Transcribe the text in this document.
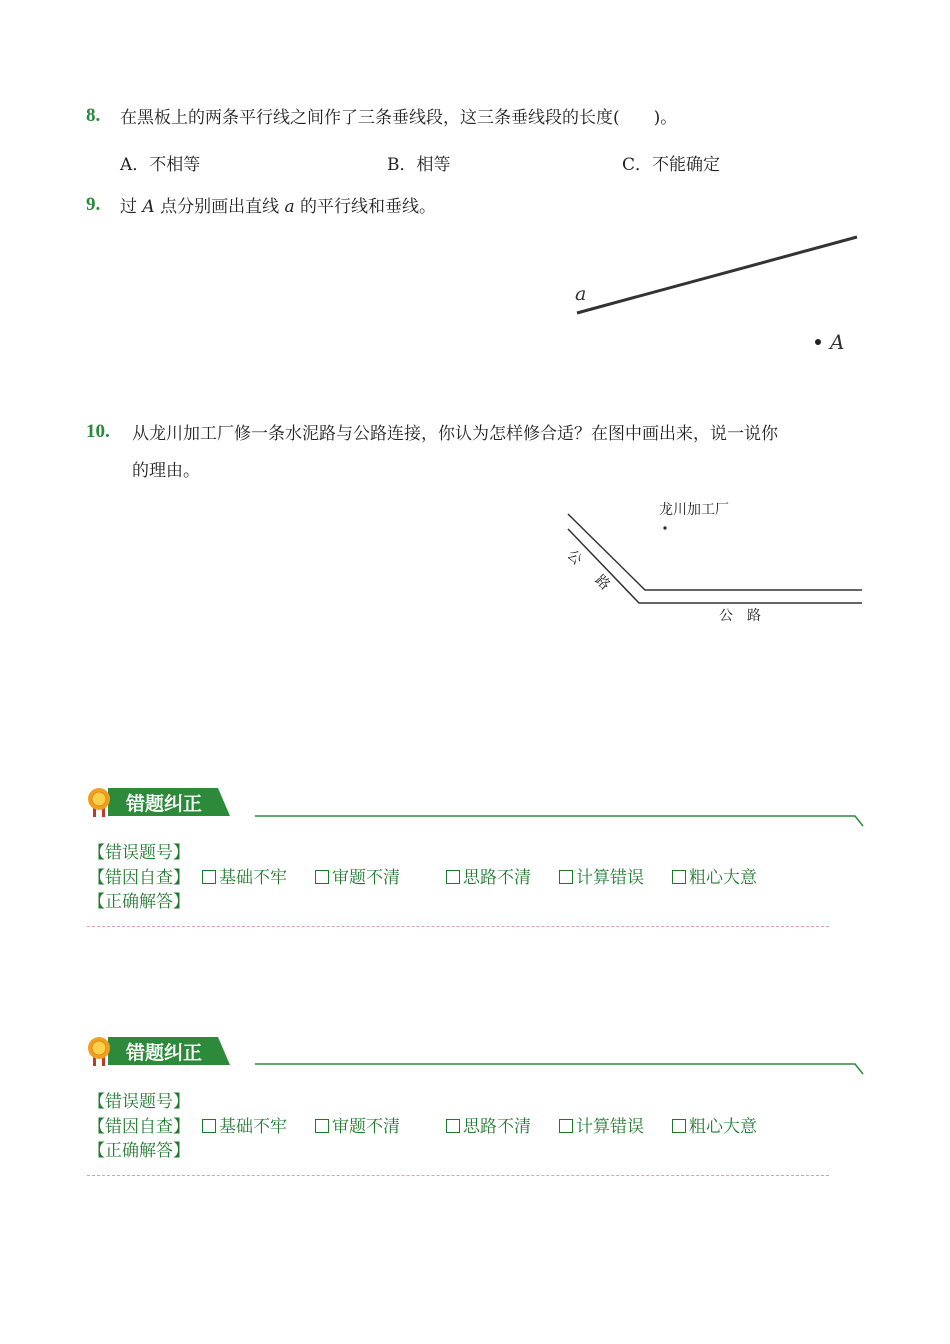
8. 在黑板上的两条平行线之间作了三条垂线段，这三条垂线段的长度(　　)。
A．不相等	B．相等	C．不能确定
9. 过 A 点分别画出直线 a 的平行线和垂线。
a
A
10. 从龙川加工厂修一条水泥路与公路连接，你认为怎样修合适？在图中画出来，说一说你
的理由。
龙川加工厂
公
路
公　路
错题纠正
【错误题号】
【错因自查】	基础不牢	审题不清	思路不清	计算错误	粗心大意
【正确解答】
错题纠正
【错误题号】
【错因自查】	基础不牢	审题不清	思路不清	计算错误	粗心大意
【正确解答】
